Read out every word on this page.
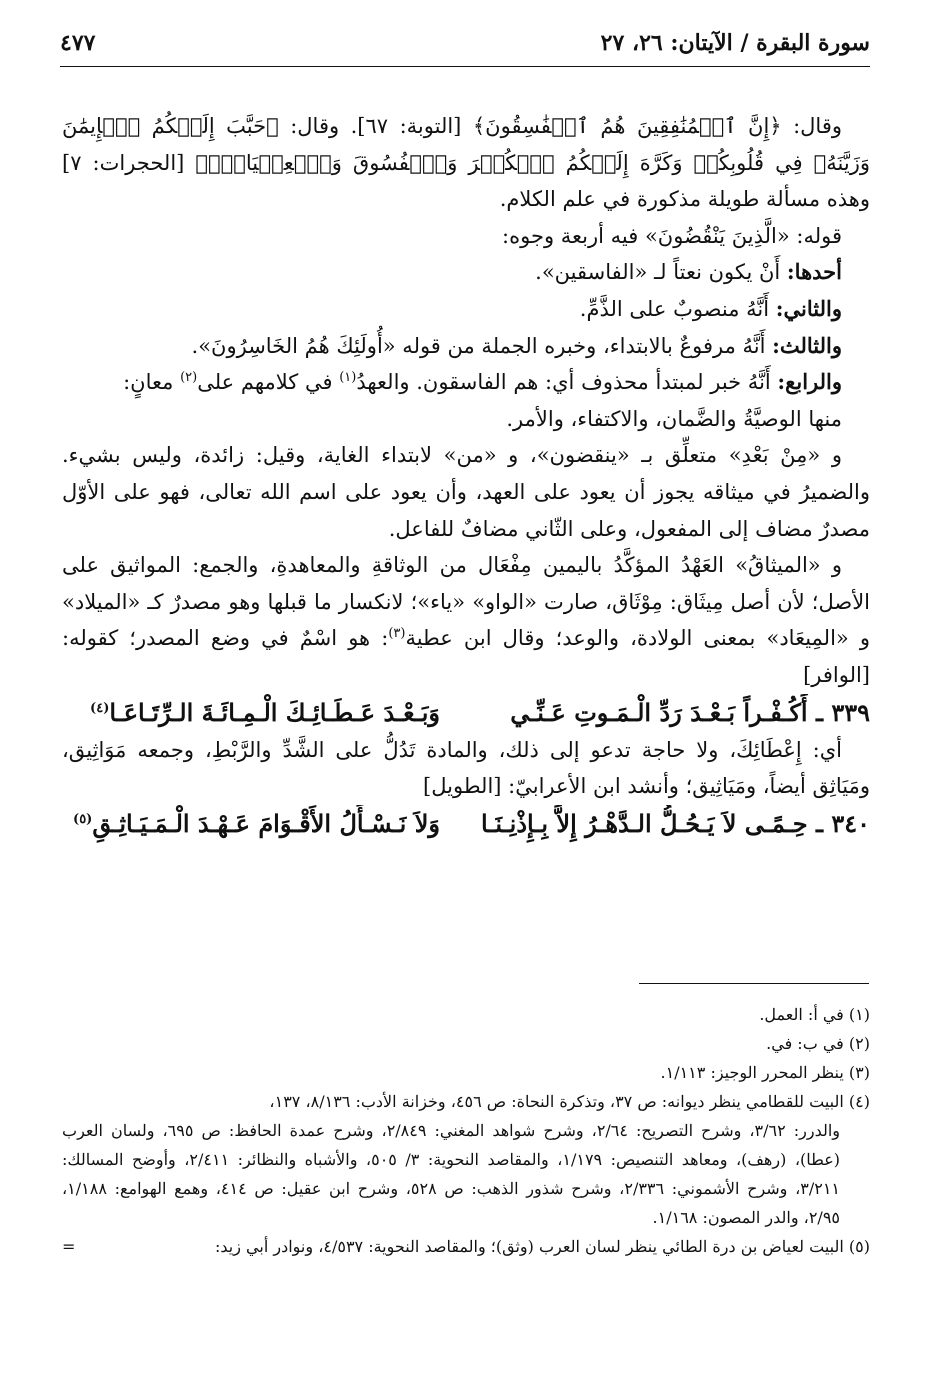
سورة البقرة / الآيتان: ٢٦، ٢٧
٤٧٧

وقال: ﴿إِنَّ ٱلۡمُنَٰفِقِينَ هُمُ ٱلۡفَٰسِقُونَ﴾ [التوبة: ٦٧]. وقال: ﴿حَبَّبَ إِلَيۡكُمُ ٱلۡإِيمَٰنَ وَزَيَّنَهُۥ فِي قُلُوبِكُمۡ وَكَرَّهَ إِلَيۡكُمُ ٱلۡكُفۡرَ وَٱلۡفُسُوقَ وَٱلۡعِصۡيَانَۚ﴾ [الحجرات: ٧] وهذه مسألة طويلة مذكورة في علم الكلام.

قوله: «الَّذِينَ يَنْقُضُونَ» فيه أربعة وجوه:

أحدها: أَنْ يكون نعتاً لـ «الفاسقين».

والثاني: أَنَّهُ منصوبٌ على الذَّمِّ.

والثالث: أَنَّهُ مرفوعٌ بالابتداء، وخبره الجملة من قوله «أُولَئِكَ هُمُ الخَاسِرُونَ».

والرابع: أَنَّهُ خبر لمبتدأ محذوف أي: هم الفاسقون. والعهدُ$^{(١)}$ في كلامهم على$^{(٢)}$ معانٍ:

منها الوصيَّةُ والضَّمان، والاكتفاء، والأمر.

و «مِنْ بَعْدِ» متعلِّق بـ «ينقضون»، و «من» لابتداء الغاية، وقيل: زائدة، وليس بشيء. والضميرُ في ميثاقه يجوز أن يعود على العهد، وأن يعود على اسم الله تعالى، فهو على الأوّل مصدرٌ مضاف إلى المفعول، وعلى الثّاني مضافٌ للفاعل.

و «الميثاقُ» العَهْدُ المؤكَّدُ باليمين مِفْعَال من الوثاقةِ والمعاهدةِ، والجمع: المواثيق على الأصل؛ لأن أصل مِيثَاق: مِوْثَاق، صارت «الواو» «ياء»؛ لانكسار ما قبلها وهو مصدرٌ كـ «الميلاد» و «المِيعَاد» بمعنى الولادة، والوعد؛ وقال ابن عطية$^{(٣)}$: هو اسْمٌ في وضع المصدر؛ كقوله: [الوافر]

٣٣٩ ـ أَكُـفْـراً بَـعْـدَ رَدِّ الْـمَـوتِ عَـنِّـيوَبَـعْـدَ عَـطَـائِـكَ الْـمِـائَـةَ الـرِّتَـاعَـا$^{(٤)}$

أي: إِعْطَائِكَ، ولا حاجة تدعو إلى ذلك، والمادة تَدُلُّ على الشَّدِّ والرَّبْطِ، وجمعه مَوَاثِيق، ومَيَاثِق أيضاً، ومَيَاثِيق؛ وأنشد ابن الأعرابيّ: [الطويل]

٣٤٠ ـ حِـمًـى لاَ يَـحُـلُّ الـدَّهْـرُ إِلاَّ بِـإِذْنِـنَـاوَلاَ نَـسْـأَلُ الأَقْـوَامَ عَـهْـدَ الْـمَـيَـاثِـقِ$^{(٥)}$

(١) في أ: العمل.

(٢) في ب: في.

(٣) ينظر المحرر الوجيز: ١/١١٣.

(٤) البيت للقطامي ينظر ديوانه: ص ٣٧، وتذكرة النحاة: ص ٤٥٦، وخزانة الأدب: ٨/١٣٦، ١٣٧،
والدرر: ٣/٦٢، وشرح التصريح: ٢/٦٤، وشرح شواهد المغني: ٢/٨٤٩، وشرح عمدة الحافظ: ص ٦٩٥، ولسان العرب (عطا)، (رهف)، ومعاهد التنصيص: ١/١٧٩، والمقاصد النحوية: ٣/ ٥٠٥، والأشباه والنظائر: ٢/٤١١، وأوضح المسالك: ٣/٢١١، وشرح الأشموني: ٢/٣٣٦، وشرح شذور الذهب: ص ٥٢٨، وشرح ابن عقيل: ص ٤١٤، وهمع الهوامع: ١/١٨٨، ٢/٩٥، والدر المصون: ١/١٦٨.

(٥) البيت لعياض بن درة الطائي ينظر لسان العرب (وثق)؛ والمقاصد النحوية: ٤/٥٣٧، ونوادر أبي زيد:

=
